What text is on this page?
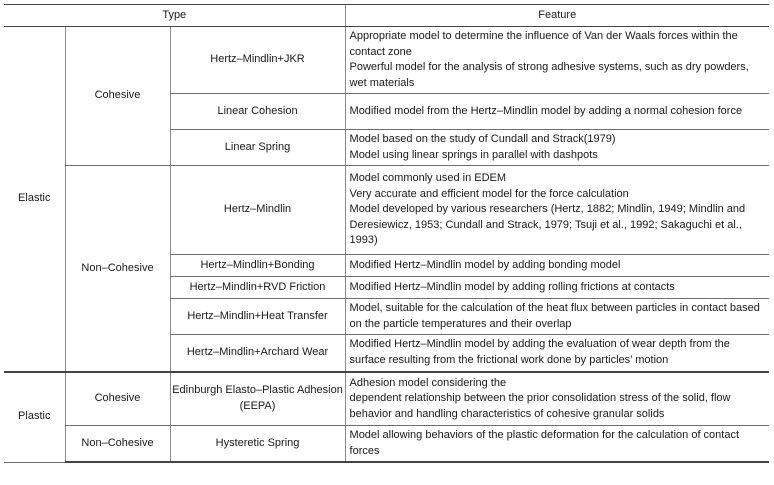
Type			Feature
Elastic	Cohesive	Hertz–Mindlin+JKR	Appropriate model to determine the influence of Van der Waals forces within the contact zone
Powerful model for the analysis of strong adhesive systems, such as dry powders, wet materials

		Linear Cohesion	Modified model from the Hertz–Mindlin model by adding a normal cohesion force

		Linear Spring	Model based on the study of Cundall and Strack(1979)
Model using linear springs in parallel with dashpots

	Non–Cohesive	Hertz–Mindlin	Model commonly used in EDEM
Very accurate and efficient model for the force calculation
Model developed by various researchers (Hertz, 1882; Mindlin, 1949; Mindlin and Deresiewicz, 1953; Cundall and Strack, 1979; Tsuji et al., 1992; Sakaguchi et al., 1993)

		Hertz–Mindlin+Bonding	Modified Hertz–Mindlin model by adding bonding model

		Hertz–Mindlin+RVD Friction	Modified Hertz–Mindlin model by adding rolling frictions at contacts

		Hertz–Mindlin+Heat Transfer	Model, suitable for the calculation of the heat flux between particles in contact based on the particle temperatures and their overlap

		Hertz–Mindlin+Archard Wear	Modified Hertz–Mindlin model by adding the evaluation of wear depth from the surface resulting from the frictional work done by particles’ motion

Plastic	Cohesive	Edinburgh Elasto–Plastic Adhesion (EEPA)	Adhesion model considering the
dependent relationship between the prior consolidation stress of the solid, flow behavior and handling characteristics of cohesive granular solids

	Non–Cohesive	Hysteretic Spring	Model allowing behaviors of the plastic deformation for the calculation of contact forces
